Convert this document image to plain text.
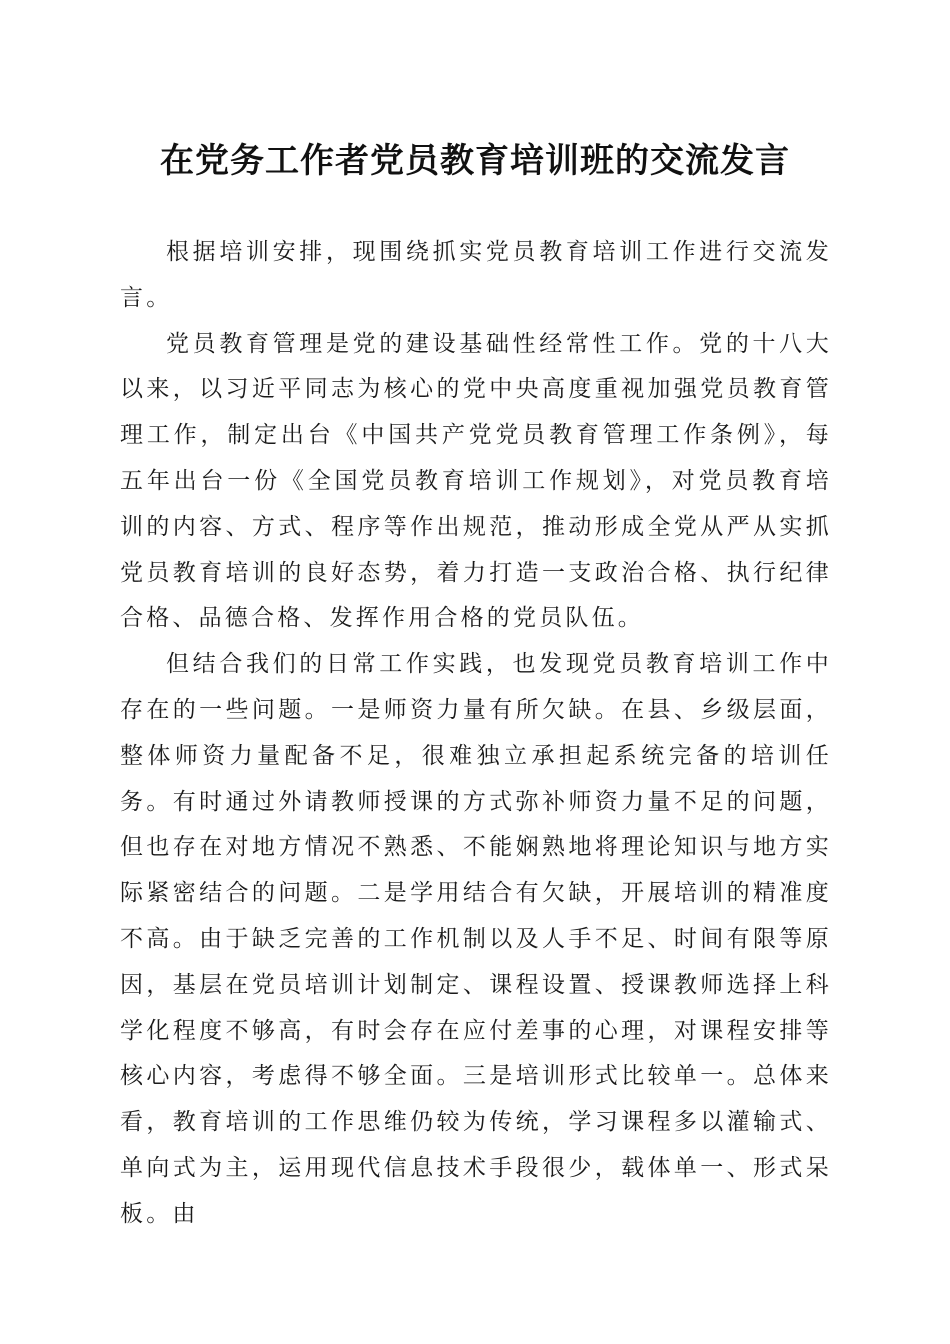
在党务工作者党员教育培训班的交流发言

根据培训安排，现围绕抓实党员教育培训工作进行交流发言。

党员教育管理是党的建设基础性经常性工作。党的十八大以来，以习近平同志为核心的党中央高度重视加强党员教育管理工作，制定出台《中国共产党党员教育管理工作条例》，每五年出台一份《全国党员教育培训工作规划》，对党员教育培训的内容、方式、程序等作出规范，推动形成全党从严从实抓党员教育培训的良好态势，着力打造一支政治合格、执行纪律合格、品德合格、发挥作用合格的党员队伍。

但结合我们的日常工作实践，也发现党员教育培训工作中存在的一些问题。一是师资力量有所欠缺。在县、乡级层面，整体师资力量配备不足，很难独立承担起系统完备的培训任务。有时通过外请教师授课的方式弥补师资力量不足的问题，但也存在对地方情况不熟悉、不能娴熟地将理论知识与地方实际紧密结合的问题。二是学用结合有欠缺，开展培训的精准度不高。由于缺乏完善的工作机制以及人手不足、时间有限等原因，基层在党员培训计划制定、课程设置、授课教师选择上科学化程度不够高，有时会存在应付差事的心理，对课程安排等核心内容，考虑得不够全面。三是培训形式比较单一。总体来看，教育培训的工作思维仍较为传统，学习课程多以灌输式、单向式为主，运用现代信息技术手段很少，载体单一、形式呆板。由
